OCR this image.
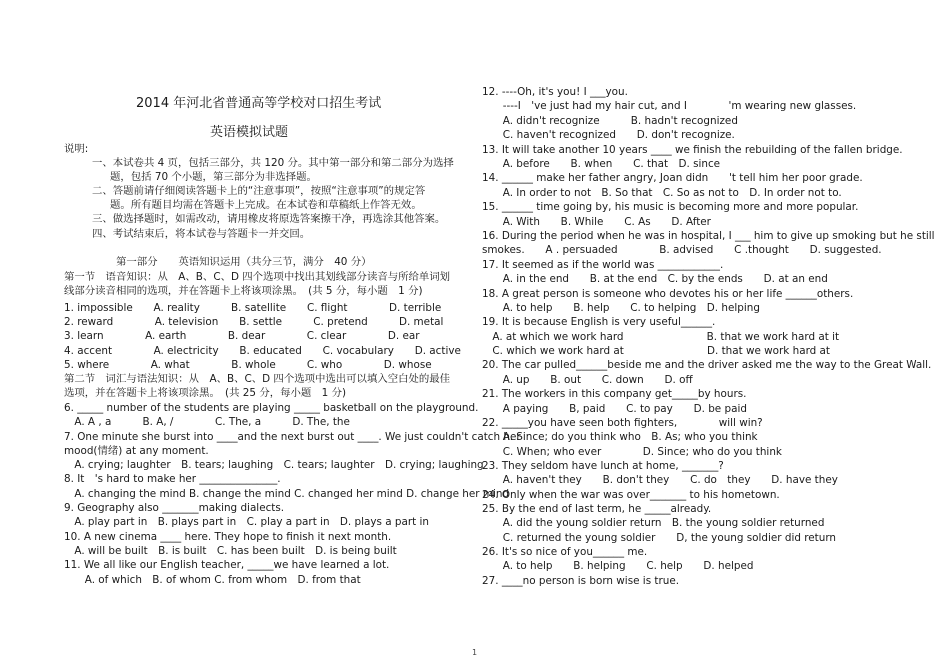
2014 年河北省普通高等学校对口招生考试
英语模拟试题
说明:
一、本试卷共 4 页，包括三部分，共 120 分。其中第一部分和第二部分为选择
题，包括 70 个小题，第三部分为非选择题。
二、答题前请仔细阅读答题卡上的“注意事项”，按照“注意事项”的规定答
题。所有题目均需在答题卡上完成。在本试卷和草稿纸上作答无效。
三、做选择题时，如需改动，请用橡皮将原选答案擦干净，再选涂其他答案。
四、考试结束后，将本试卷与答题卡一并交回。
第一部分　　英语知识运用（共分三节，满分　40 分）
第一节　语音知识：从　A、B、C、D 四个选项中找出其划线部分读音与所给单词划
线部分读音相同的选项，并在答题卡上将该项涂黑。　(共 5 分，每小题　1 分)
1. impossible　　A. reality　　　B. satellite　　C. flight　　　　D. terrible
2. reward　　　　A. television　　B. settle　　　C. pretend　　　D. metal
3. learn　　　　A. earth　　　　B. dear　　　　C. clear　　　　D. ear
4. accent　　　　A. electricity　　B. educated　　C. vocabulary　　D. active
5. where　　　　A. what　　　　B. whole　　　C. who　　　　D. whose
第二节　词汇与语法知识：从　A、B、C、D 四个选项中选出可以填入空白处的最佳
选项，并在答题卡上将该项涂黑。　(共 25 分，每小题　1 分)
6. _____ number of the students are playing _____ basketball on the playground.
　A. A , a　　　B. A, /　　　　C. The, a　　　D. The, the
7. One minute she burst into ____and the next burst out ____. We just couldn't catch her
mood(情绪) at any moment.
　A. crying; laughter　B. tears; laughing　C. tears; laughter　D. crying; laughing
8. It　's hard to make her _______________.
　A. changing the mind B. change the mind C. changed her mind D. change her mind
9. Geography also _______making dialects.
　A. play part in　B. plays part in　C. play a part in　D. plays a part in
10. A new cinema ____ here. They hope to finish it next month.
　A. will be built　B. is built　C. has been built　D. is being built
11. We all like our English teacher, _____we have learned a lot.
　　A. of which　B. of whom C. from whom　D. from that
12. ----Oh, it's you! I ___you.
　　----I　've just had my hair cut, and I　　　　'm wearing new glasses.
　　A. didn't recognize　　　B. hadn't recognized
　　C. haven't recognized　　D. don't recognize.
13. It will take another 10 years ____ we finish the rebuilding of the fallen bridge.
　　A. before　　B. when　　C. that　D. since
14. ______ make her father angry, Joan didn　　't tell him her poor grade.
　　A. In order to not　B. So that　C. So as not to　D. In order not to.
15. ______ time going by, his music is becoming more and more popular.
　　A. With　　B. While　　C. As　　D. After
16. During the period when he was in hospital, I ___ him to give up smoking but he still
smokes.　　A . persuaded　　　　B. advised　　C .thought　　D. suggested.
17. It seemed as if the world was ____________.
　　A. in the end　　B. at the end　C. by the ends　　D. at an end
18. A great person is someone who devotes his or her life ______others.
　　A. to help　　B. help　　C. to helping　D. helping
19. It is because English is very useful______.
　A. at which we work hard　　　　　　　　B. that we work hard at it
　C. which we work hard at　　　　　　　　D. that we work hard at
20. The car pulled______beside me and the driver asked me the way to the Great Wall.
　　A. up　　B. out　　C. down　　D. off
21. The workers in this company get_____by hours.
　　A paying　　B, paid　　C. to pay　　D. be paid
22. _____you have seen both fighters,　　　　will win?
　　A. Since; do you think who　B. As; who you think
　　C. When; who ever　　　　D. Since; who do you think
23. They seldom have lunch at home, _______?
　　A. haven't they　　B. don't they　　C. do　they　　D. have they
24. Only when the war was over_______ to his hometown.
25. By the end of last term, he _____already.
　　A. did the young soldier return　B. the young soldier returned
　　C. returned the young soldier　　D, the young soldier did return
26. It's so nice of you______ me.
　　A. to help　　B. helping　　C. help　　D. helped
27. ____no person is born wise is true.
1
